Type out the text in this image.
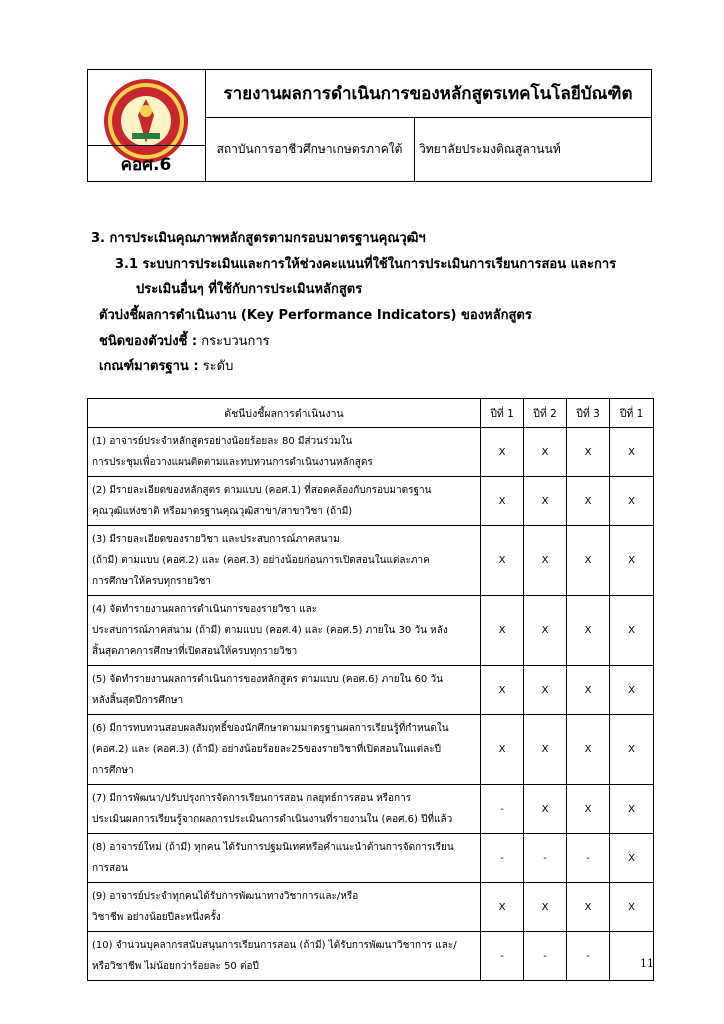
คอศ.6
รายงานผลการดำเนินการของหลักสูตรเทคโนโลยีบัณฑิต
สถาบันการอาชีวศึกษาเกษตรภาคใต้	วิทยาลัยประมงติณสูลานนท์
3. การประเมินคุณภาพหลักสูตรตามกรอบมาตรฐานคุณวุฒิฯ
3.1 ระบบการประเมินและการให้ช่วงคะแนนที่ใช้ในการประเมินการเรียนการสอน และการ
ประเมินอื่นๆ ที่ใช้กับการประเมินหลักสูตร
ตัวบ่งชี้ผลการดำเนินงาน (Key Performance Indicators) ของหลักสูตร
ชนิดของตัวบ่งชี้ : กระบวนการ
เกณฑ์มาตรฐาน : ระดับ
ดัชนีบ่งชี้ผลการดำเนินงาน	ปีที่ 1	ปีที่ 2	ปีที่ 3	ปีที่ 1

(1) อาจารย์ประจำหลักสูตรอย่างน้อยร้อยละ 80 มีส่วนร่วมใน
การประชุมเพื่อวางแผนติดตามและทบทวนการดำเนินงานหลักสูตร	X	X	X	X

(2) มีรายละเอียดของหลักสูตร ตามแบบ (คอศ.1) ที่สอดคล้องกับกรอบมาตรฐาน
คุณวุฒิแห่งชาติ หรือมาตรฐานคุณวุฒิสาขา/สาขาวิชา (ถ้ามี)	X	X	X	X

(3) มีรายละเอียดของรายวิชา และประสบการณ์ภาคสนาม
(ถ้ามี) ตามแบบ (คอศ.2) และ (คอศ.3) อย่างน้อยก่อนการเปิดสอนในแต่ละภาค
การศึกษาให้ครบทุกรายวิชา	X	X	X	X

(4) จัดทำรายงานผลการดำเนินการของรายวิชา และ
ประสบการณ์ภาคสนาม (ถ้ามี) ตามแบบ (คอศ.4) และ (คอศ.5) ภายใน 30 วัน หลัง
สิ้นสุดภาคการศึกษาที่เปิดสอนให้ครบทุกรายวิชา	X	X	X	X

(5) จัดทำรายงานผลการดำเนินการของหลักสูตร ตามแบบ (คอศ.6) ภายใน 60 วัน
หลังสิ้นสุดปีการศึกษา	X	X	X	X

(6) มีการทบทวนสอบผลสัมฤทธิ์ของนักศึกษาตามมาตรฐานผลการเรียนรู้ที่กำหนดใน
(คอศ.2) และ (คอศ.3) (ถ้ามี) อย่างน้อยร้อยละ25ของรายวิชาที่เปิดสอนในแต่ละปี
การศึกษา	X	X	X	X

(7) มีการพัฒนา/ปรับปรุงการจัดการเรียนการสอน กลยุทธ์การสอน หรือการ
ประเมินผลการเรียนรู้จากผลการประเมินการดำเนินงานที่รายงานใน (คอศ.6) ปีที่แล้ว	-	X	X	X

(8) อาจารย์ใหม่ (ถ้ามี) ทุกคน ได้รับการปฐมนิเทศหรือคำแนะนำด้านการจัดการเรียน
การสอน	-	-	-	X

(9) อาจารย์ประจำทุกคนได้รับการพัฒนาทางวิชาการและ/หรือ
วิชาชีพ อย่างน้อยปีละหนึ่งครั้ง	X	X	X	X

(10) จำนวนบุคลากรสนับสนุนการเรียนการสอน (ถ้ามี) ได้รับการพัฒนาวิชาการ และ/
หรือวิชาชีพ ไม่น้อยกว่าร้อยละ 50 ต่อปี	-	-	-	
11
